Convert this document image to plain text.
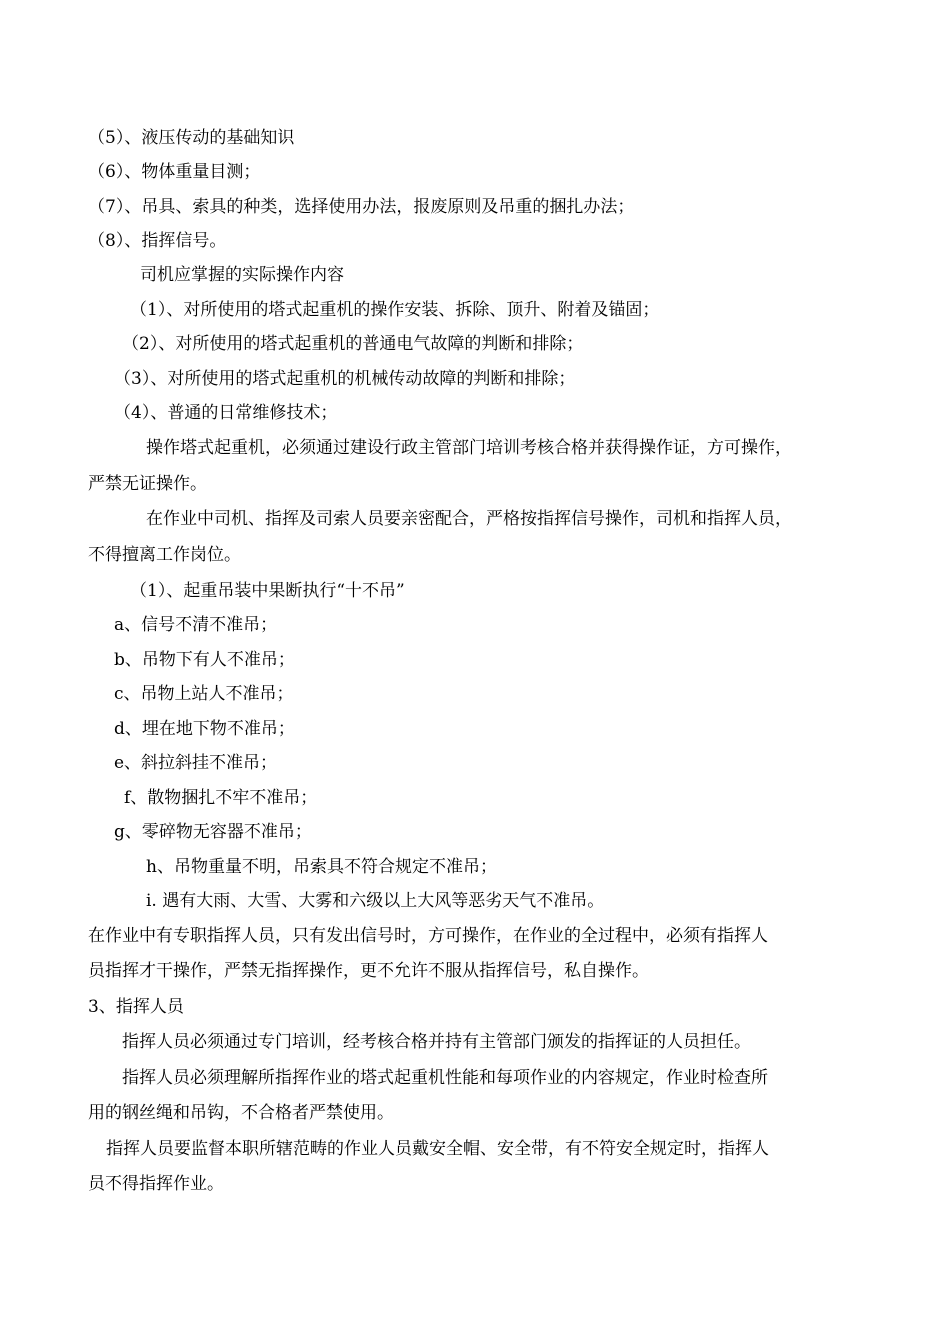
（5）、液压传动的基础知识
（6）、物体重量目测；
（7）、吊具、索具的种类，选择使用办法，报废原则及吊重的捆扎办法；
（8）、指挥信号。
司机应掌握的实际操作内容
（1）、对所使用的塔式起重机的操作安装、拆除、顶升、附着及锚固；
（2）、对所使用的塔式起重机的普通电气故障的判断和排除；
（3）、对所使用的塔式起重机的机械传动故障的判断和排除；
（4）、普通的日常维修技术；
操作塔式起重机，必须通过建设行政主管部门培训考核合格并获得操作证，方可操作，
严禁无证操作。
在作业中司机、指挥及司索人员要亲密配合，严格按指挥信号操作，司机和指挥人员，
不得擅离工作岗位。
（1）、起重吊装中果断执行“十不吊”
a、信号不清不准吊；
b、吊物下有人不准吊；
c、吊物上站人不准吊；
d、埋在地下物不准吊；
e、斜拉斜挂不准吊；
f、散物捆扎不牢不准吊；
g、零碎物无容器不准吊；
h、吊物重量不明，吊索具不符合规定不准吊；
i. 遇有大雨、大雪、大雾和六级以上大风等恶劣天气不准吊。
在作业中有专职指挥人员，只有发出信号时，方可操作，在作业的全过程中，必须有指挥人
员指挥才干操作，严禁无指挥操作，更不允许不服从指挥信号，私自操作。
3、指挥人员
指挥人员必须通过专门培训，经考核合格并持有主管部门颁发的指挥证的人员担任。
指挥人员必须理解所指挥作业的塔式起重机性能和每项作业的内容规定，作业时检查所
用的钢丝绳和吊钩，不合格者严禁使用。
指挥人员要监督本职所辖范畴的作业人员戴安全帽、安全带，有不符安全规定时，指挥人
员不得指挥作业。
